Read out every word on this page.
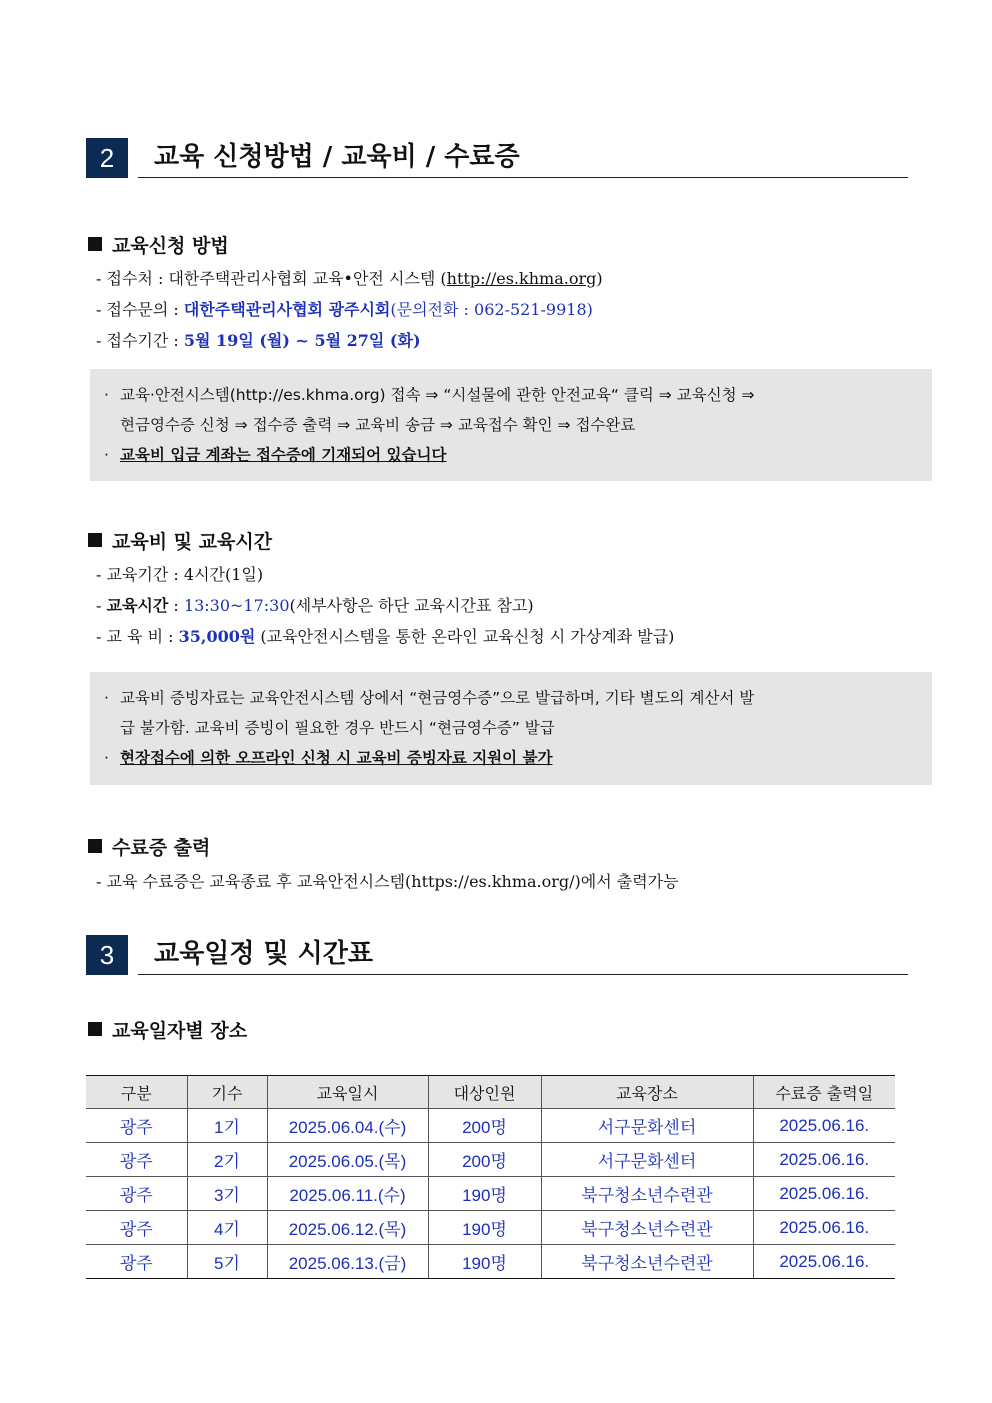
2	교육 신청방법 / 교육비 / 수료증
교육신청 방법
- 접수처 : 대한주택관리사협회 교육•안전 시스템 (http://es.khma.org)
- 접수문의 : 대한주택관리사협회 광주시회(문의전화 : 062-521-9918)
- 접수기간 : 5월 19일 (월) ~ 5월 27일 (화)
· 교육·안전시스템(http://es.khma.org) 접속 ⇒ “시설물에 관한 안전교육“ 클릭 ⇒ 교육신청 ⇒
현금영수증 신청 ⇒ 접수증 출력 ⇒ 교육비 송금 ⇒ 교육접수 확인 ⇒ 접수완료
· 교육비 입금 계좌는 접수증에 기재되어 있습니다
교육비 및 교육시간
- 교육기간 : 4시간(1일)
- 교육시간 : 13:30~17:30(세부사항은 하단 교육시간표 참고)
- 교 육 비 : 35,000원 (교육안전시스템을 통한 온라인 교육신청 시 가상계좌 발급)
· 교육비 증빙자료는 교육안전시스템 상에서 “현금영수증”으로 발급하며, 기타 별도의 계산서 발
급 불가함. 교육비 증빙이 필요한 경우 반드시 “현금영수증” 발급
· 현장접수에 의한 오프라인 신청 시 교육비 증빙자료 지원이 불가
수료증 출력
- 교육 수료증은 교육종료 후 교육안전시스템(https://es.khma.org/)에서 출력가능
3	교육일정 및 시간표
교육일자별 장소
구분	기수	교육일시	대상인원	교육장소	수료증 출력일
광주	1기	2025.06.04.(수)	200명	서구문화센터	2025.06.16.
광주	2기	2025.06.05.(목)	200명	서구문화센터	2025.06.16.
광주	3기	2025.06.11.(수)	190명	북구청소년수련관	2025.06.16.
광주	4기	2025.06.12.(목)	190명	북구청소년수련관	2025.06.16.
광주	5기	2025.06.13.(금)	190명	북구청소년수련관	2025.06.16.
